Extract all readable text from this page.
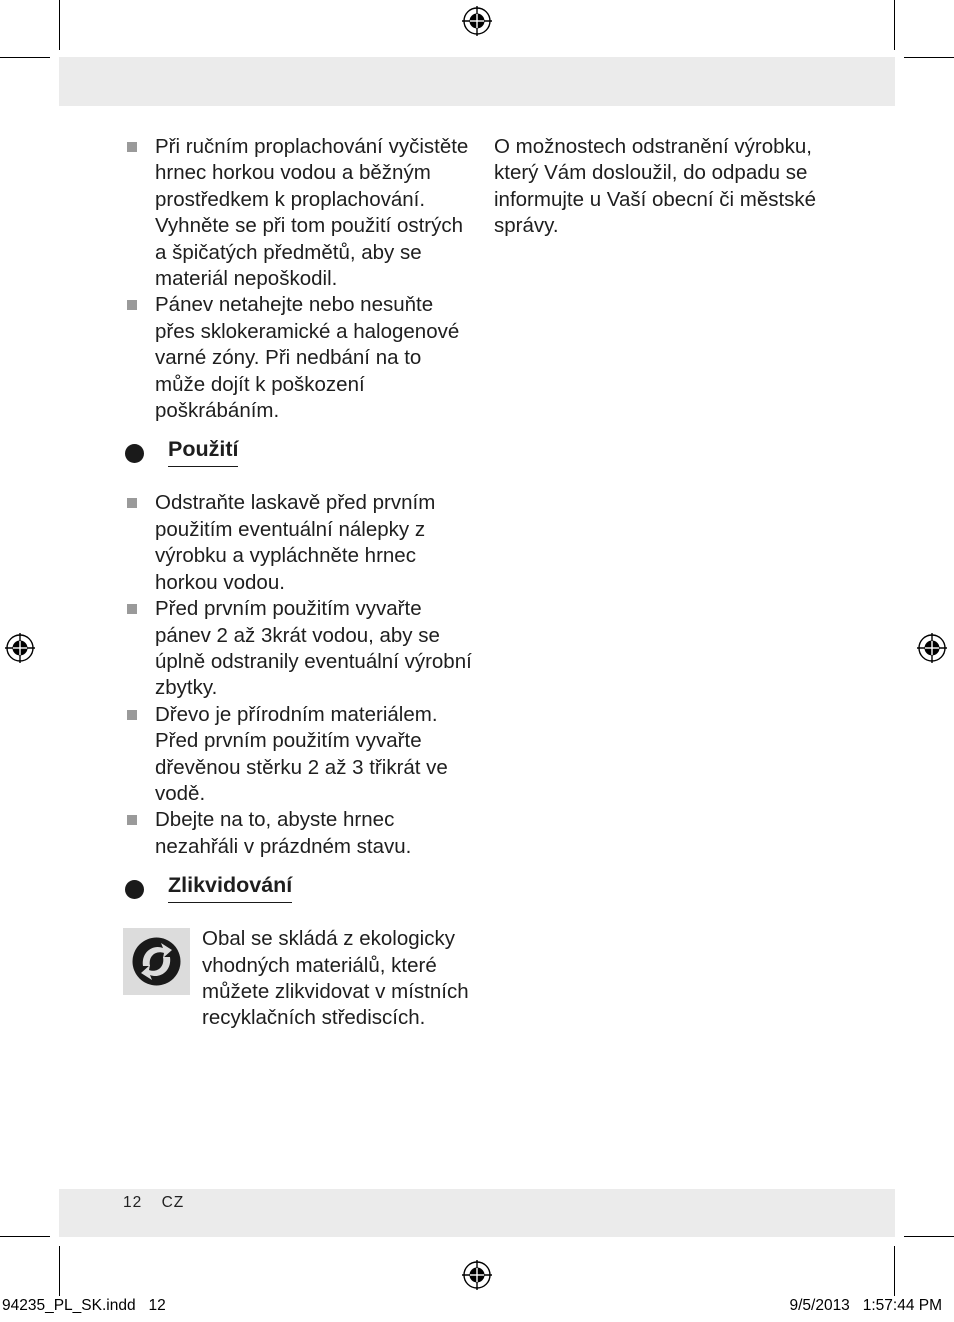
Při ručním proplachování vyčistěte hrnec horkou vodou a běžným prostředkem k proplachování. Vyhněte se při tom použití ostrých a špičatých předmětů, aby se materiál nepoškodil.
Pánev netahejte nebo nesuňte přes sklokeramické a halogenové varné zóny. Při nedbání na to může dojít k poškození poškrábáním.
Použití
Odstraňte laskavě před prvním použitím eventuální nálepky z výrobku a vypláchněte hrnec horkou vodou.
Před prvním použitím vyvařte pánev 2 až 3krát vodou, aby se úplně odstranily eventuální výrobní zbytky.
Dřevo je přírodním materiálem. Před prvním použitím vyvařte dřevěnou stěrku 2 až 3 třikrát ve vodě.
Dbejte na to, abyste hrnec nezahřáli v prázdném stavu.
Zlikvidování
Obal se skládá z ekologicky vhodných materiálů, které můžete zlikvidovat v místních recyklačních střediscích.

O možnostech odstranění výrobku, který Vám dosloužil, do odpadu se informujte u Vaší obecní či městské správy.

12 CZ
94235_PL_SK.indd   12	9/5/2013   1:57:44 PM
